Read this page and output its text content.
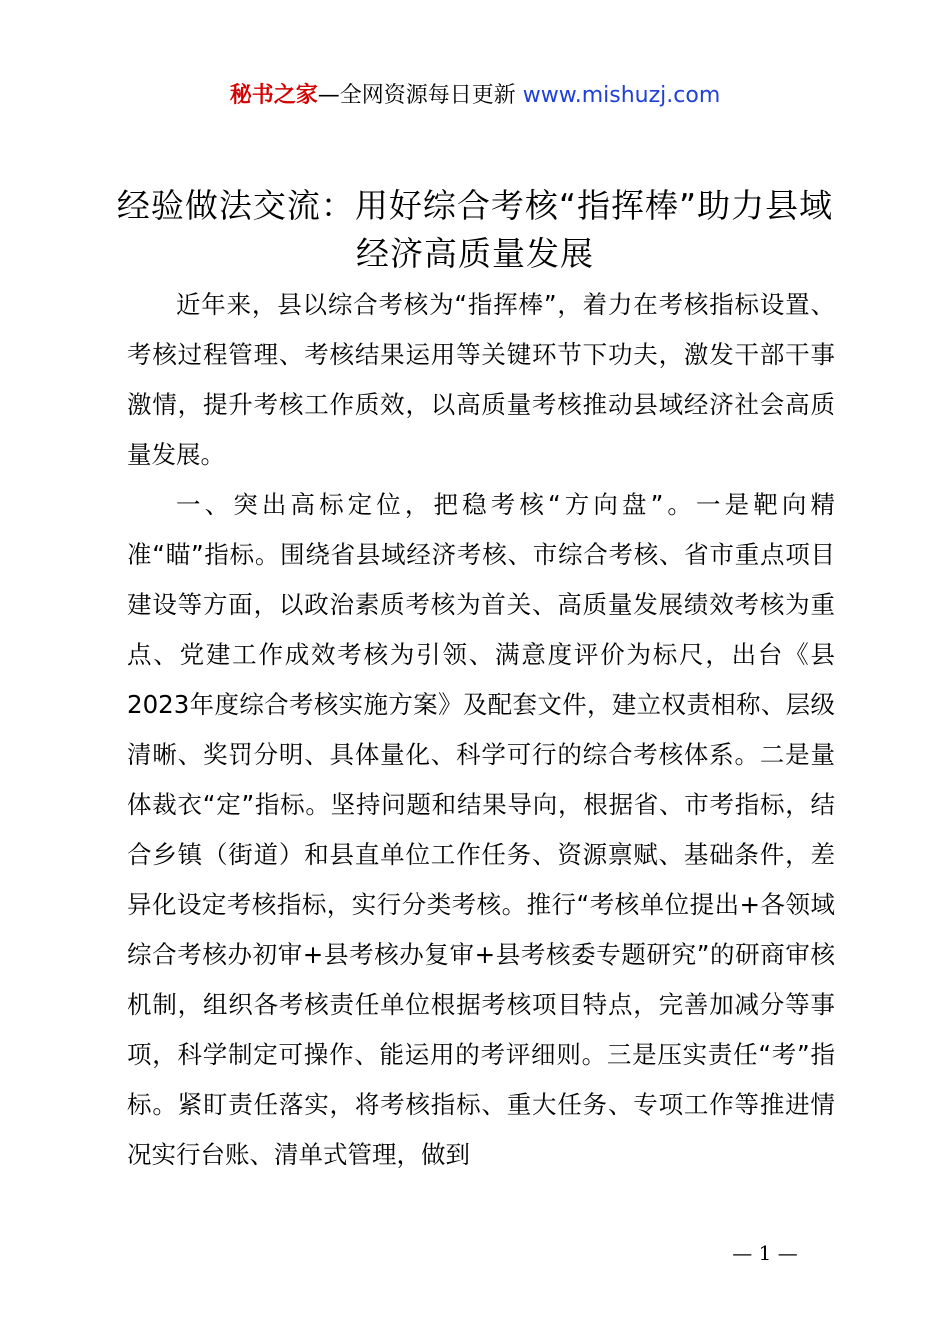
秘书之家—全网资源每日更新 www.mishuzj.com
经验做法交流：用好综合考核“指挥棒”助力县域经济高质量发展

近年来，县以综合考核为“指挥棒”，着力在考核指标设置、考核过程管理、考核结果运用等关键环节下功夫，激发干部干事激情，提升考核工作质效，以高质量考核推动县域经济社会高质量发展。

一、突出高标定位，把稳考核“方向盘”。一是靶向精准“瞄”指标。围绕省县域经济考核、市综合考核、省市重点项目建设等方面，以政治素质考核为首关、高质量发展绩效考核为重点、党建工作成效考核为引领、满意度评价为标尺，出台《县2023年度综合考核实施方案》及配套文件，建立权责相称、层级清晰、奖罚分明、具体量化、科学可行的综合考核体系。二是量体裁衣“定”指标。坚持问题和结果导向，根据省、市考指标，结合乡镇（街道）和县直单位工作任务、资源禀赋、基础条件，差异化设定考核指标，实行分类考核。推行“考核单位提出+各领域综合考核办初审+县考核办复审+县考核委专题研究”的研商审核机制，组织各考核责任单位根据考核项目特点，完善加减分等事项，科学制定可操作、能运用的考评细则。三是压实责任“考”指标。紧盯责任落实，将考核指标、重大任务、专项工作等推进情况实行台账、清单式管理，做到

— 1 —
